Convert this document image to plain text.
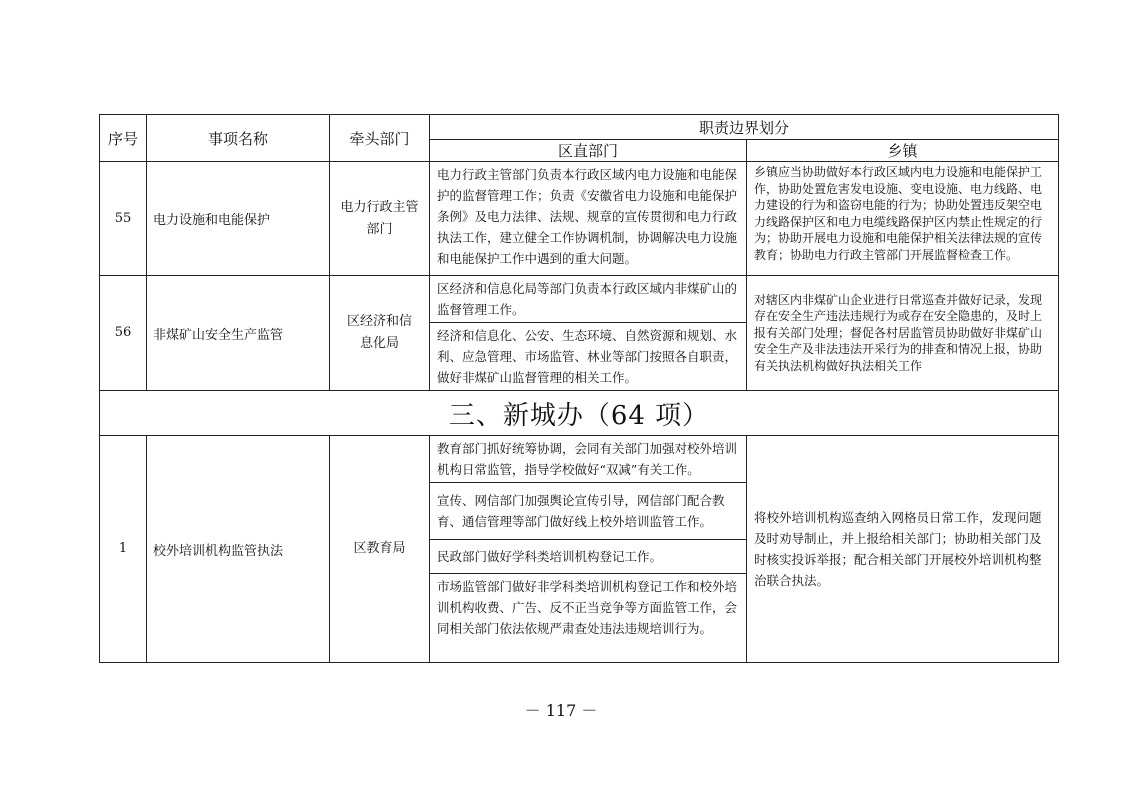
序号	事项名称	牵头部门	职责边界划分	
			区直部门	乡镇
55	电力设施和电能保护	电力行政主管部门	电力行政主管部门负责本行政区域内电力设施和电能保护的监督管理工作；负责《安徽省电力设施和电能保护条例》及电力法律、法规、规章的宣传贯彻和电力行政执法工作，建立健全工作协调机制，协调解决电力设施和电能保护工作中遇到的重大问题。	乡镇应当协助做好本行政区域内电力设施和电能保护工作，协助处置危害发电设施、变电设施、电力线路、电力建设的行为和盗窃电能的行为；协助处置违反架空电力线路保护区和电力电缆线路保护区内禁止性规定的行为；协助开展电力设施和电能保护相关法律法规的宣传教育；协助电力行政主管部门开展监督检查工作。
56	非煤矿山安全生产监管	区经济和信息化局	区经济和信息化局等部门负责本行政区域内非煤矿山的监督管理工作。	对辖区内非煤矿山企业进行日常巡查并做好记录，发现存在安全生产违法违规行为或存在安全隐患的，及时上报有关部门处理；督促各村居监管员协助做好非煤矿山安全生产及非法违法开采行为的排查和情况上报，协助有关执法机构做好执法相关工作
			经济和信息化、公安、生态环境、自然资源和规划、水利、应急管理、市场监管、林业等部门按照各自职责，做好非煤矿山监督管理的相关工作。	
三、新城办（64 项）				
1	校外培训机构监管执法	区教育局	教育部门抓好统筹协调，会同有关部门加强对校外培训机构日常监管，指导学校做好“双减”有关工作。	将校外培训机构巡查纳入网格员日常工作，发现问题及时劝导制止，并上报给相关部门；协助相关部门及时核实投诉举报；配合相关部门开展校外培训机构整治联合执法。
			宣传、网信部门加强舆论宣传引导，网信部门配合教育、通信管理等部门做好线上校外培训监管工作。	
			民政部门做好学科类培训机构登记工作。	
			市场监管部门做好非学科类培训机构登记工作和校外培训机构收费、广告、反不正当竞争等方面监管工作，会同相关部门依法依规严肃查处违法违规培训行为。	
－ 117 －
